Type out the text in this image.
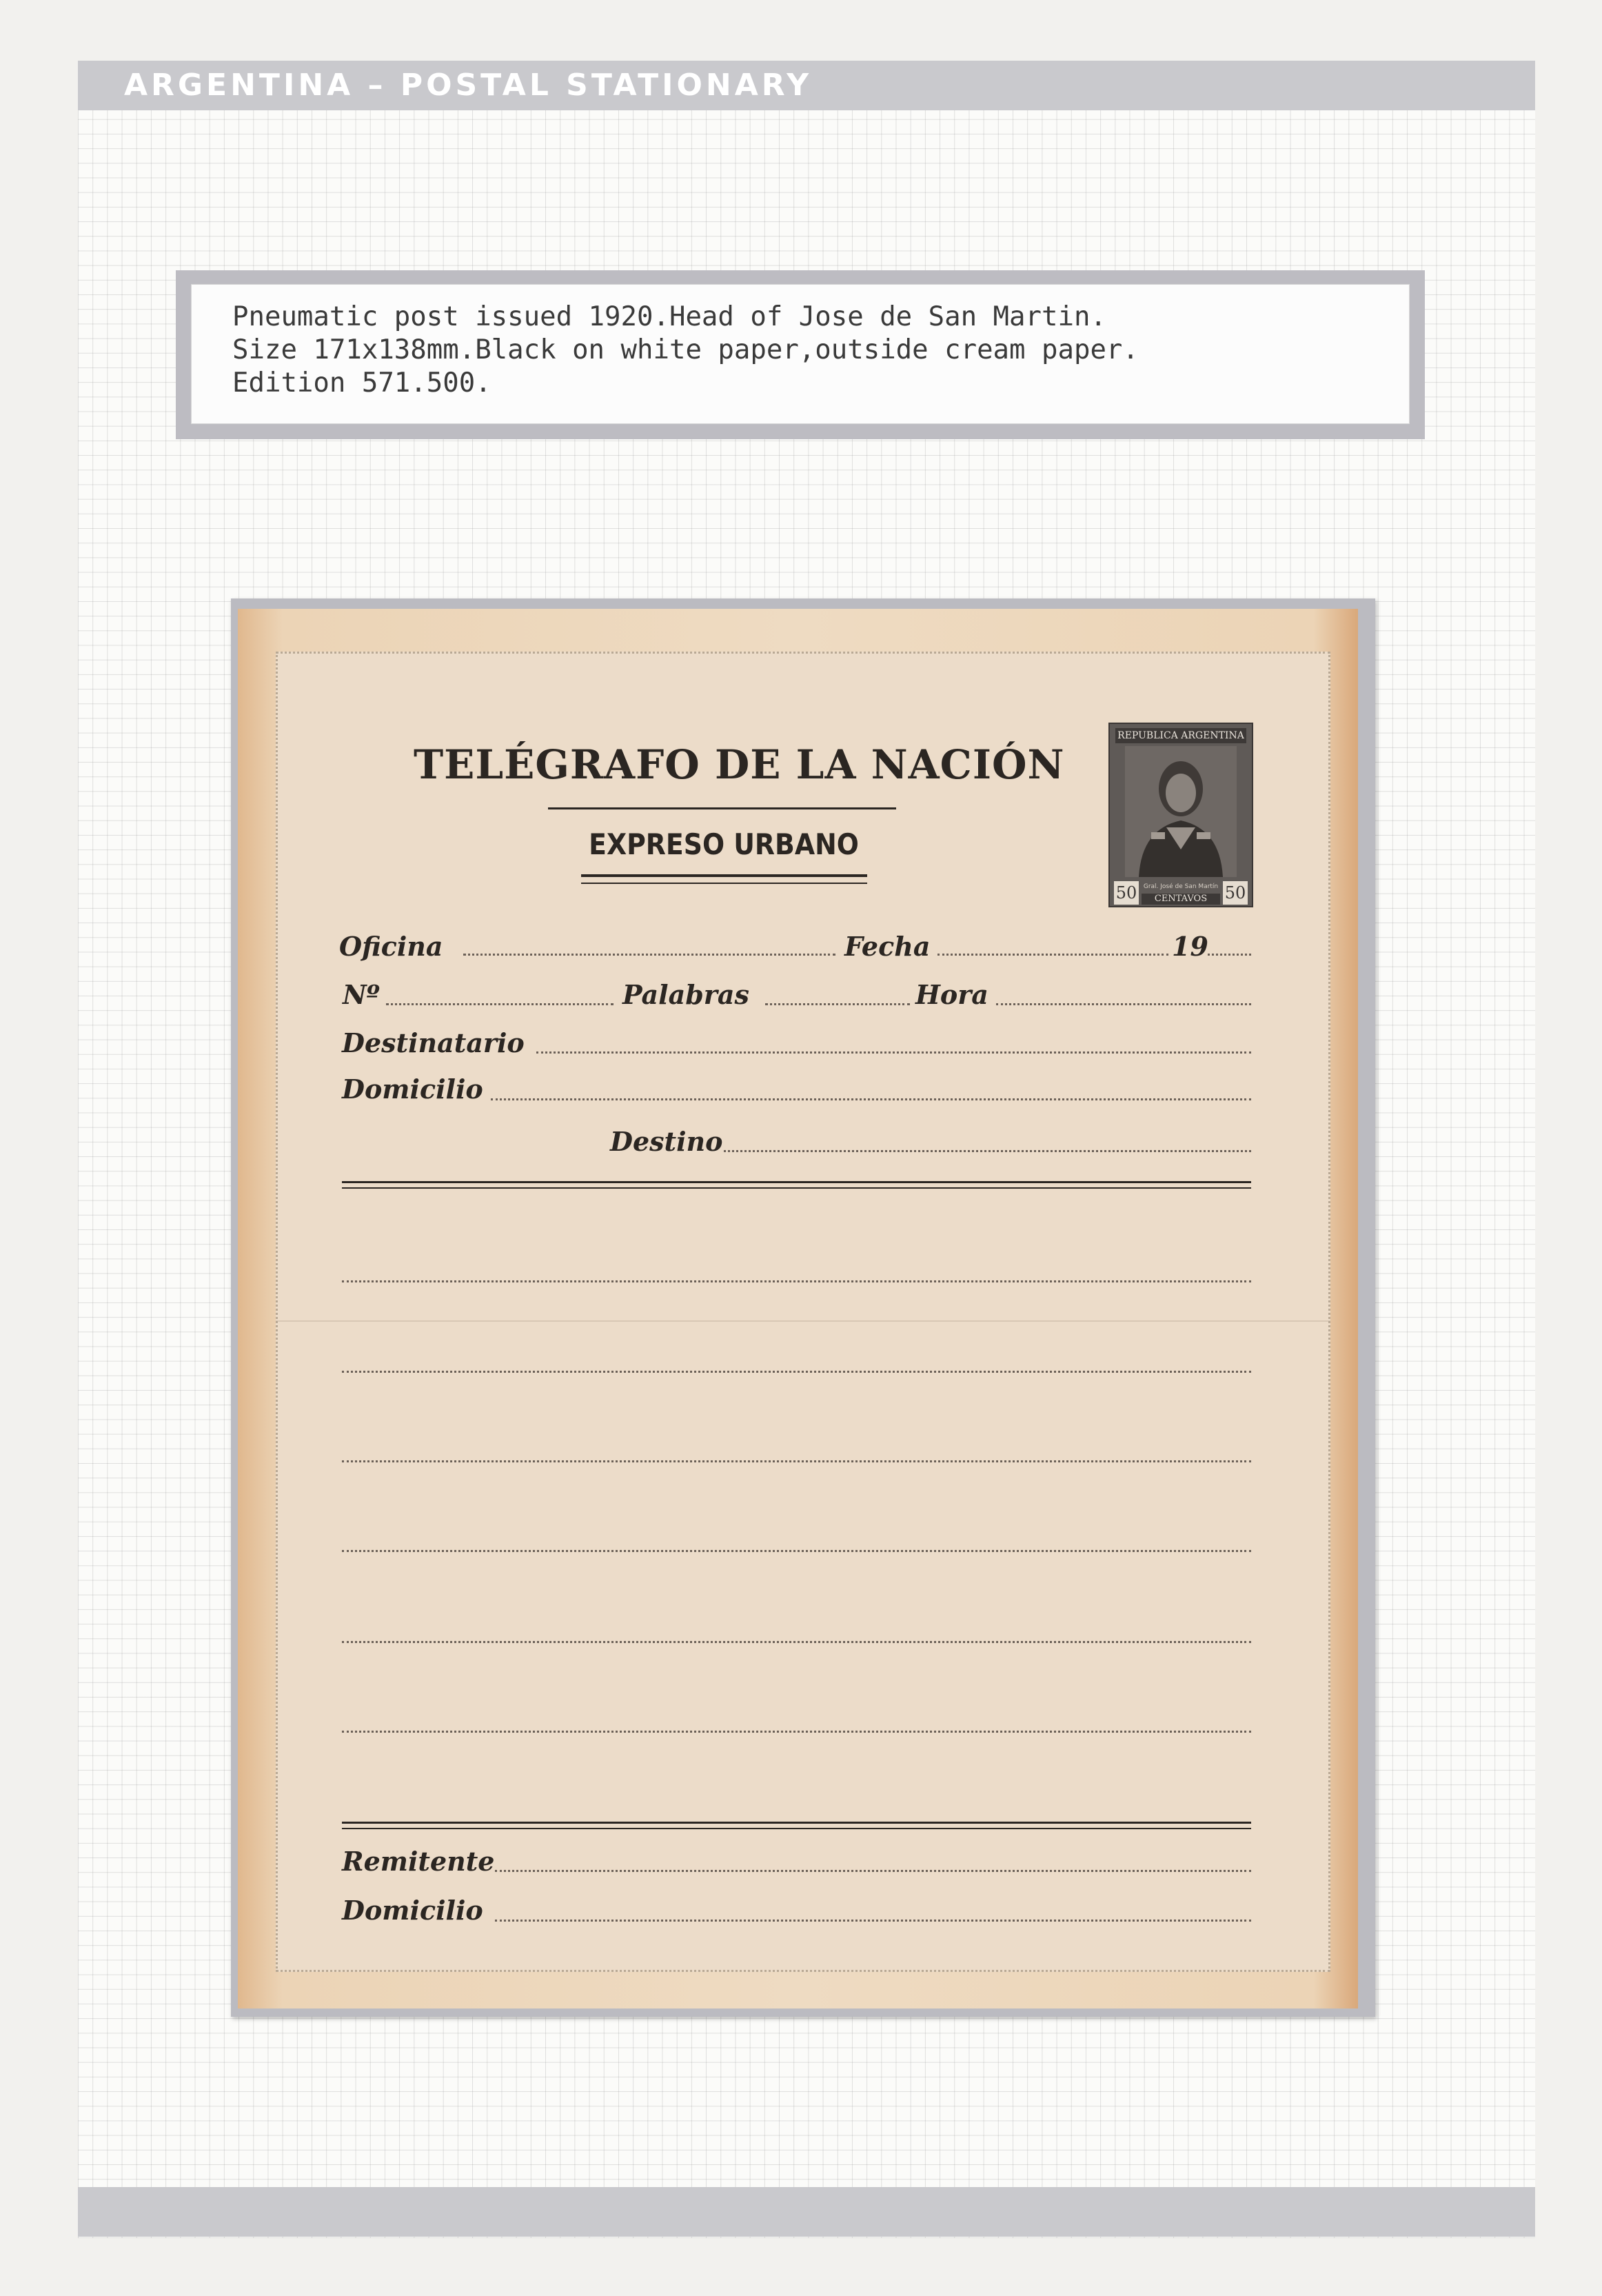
ARGENTINA – POSTAL STATIONARY
Pneumatic post issued 1920.Head of Jose de San Martin.
Size 171x138mm.Black on white paper,outside cream paper.
Edition 571.500.
TELÉGRAFO DE LA NACIÓN
EXPRESO URBANO
REPUBLICA ARGENTINA
Gral. José de San Martín
50	50
CENTAVOS
Oficina	Fecha	19
Nº	Palabras	Hora
Destinatario
Domicilio
Destino
Remitente
Domicilio
